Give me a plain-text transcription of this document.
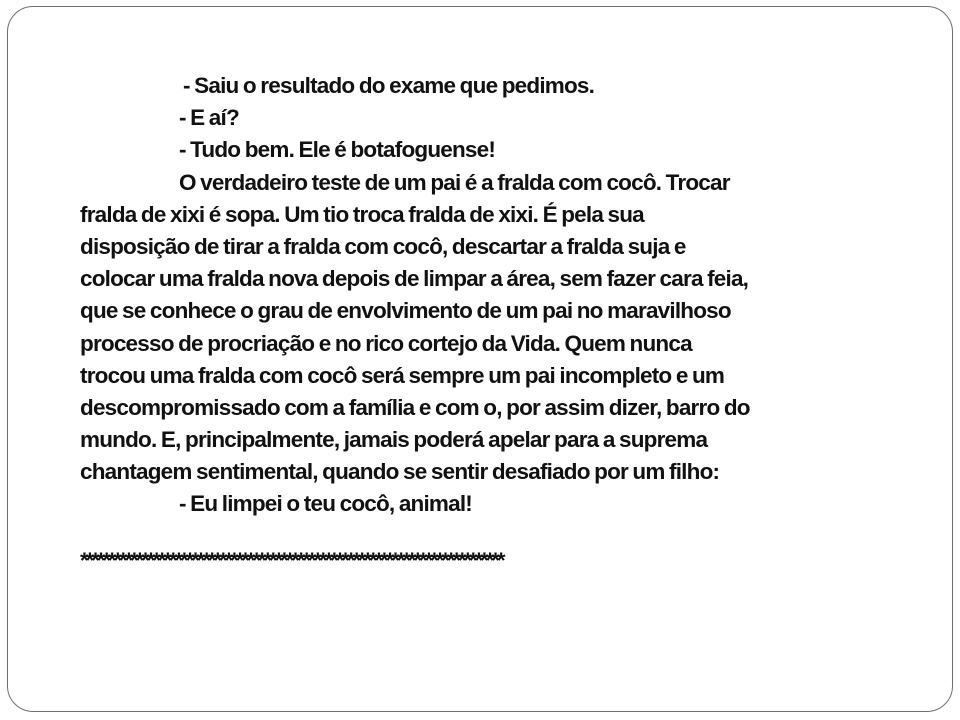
- Saiu o resultado do exame que pedimos.
- E aí?
- Tudo bem. Ele é botafoguense!
O verdadeiro teste de um pai é a fralda com cocô. Trocar
fralda de xixi é sopa. Um tio troca fralda de xixi. É pela sua
disposição de tirar a fralda com cocô, descartar a fralda suja e
colocar uma fralda nova depois de limpar a área, sem fazer cara feia,
que se conhece o grau de envolvimento de um pai no maravilhoso
processo de procriação e no rico cortejo da Vida. Quem nunca
trocou uma fralda com cocô será sempre um pai incompleto e um
descompromissado com a família e com o, por assim dizer, barro do
mundo. E, principalmente, jamais poderá apelar para a suprema
chantagem sentimental, quando se sentir desafiado por um filho:
- Eu limpei o teu cocô, animal!
****************************************************************************
